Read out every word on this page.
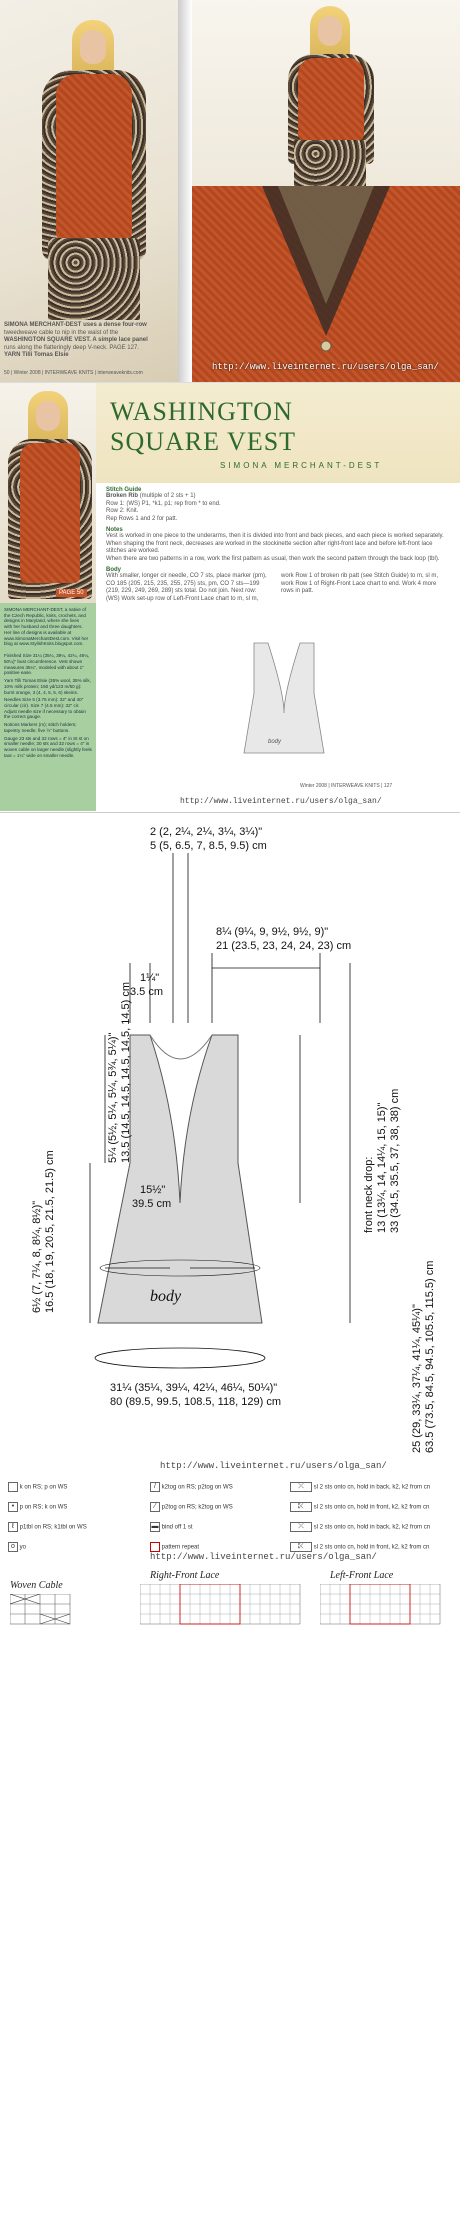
SIMONA MERCHANT-DEST uses a dense four-row
tweedweave cable to nip in the waist of the
WASHINGTON SQUARE VEST. A simple lace panel
runs along the flatteringly deep V-neck. PAGE 127.
YARN Tilli Tomas Elsie
50 | Winter 2008 | INTERWEAVE KNITS | interweaveknits.com
http://www.liveinternet.ru/users/olga_san/
PAGE 50
SIMONA MERCHANT-DEST, a native of
the Czech Republic, knits, crochets, and
designs in Maryland, where she lives
with her husband and three daughters.
Her line of designs is available at
www.SimonaMerchantDest.com. Visit her
blog at www.StylishKnits.blogspot.com.
Finished Size 31¼ (35¼, 39¼, 42¼, 46¼, 50¼)" bust circumference. Vest shown measures 35¼", modeled with about 1" positive ease.
Yarn Tilli Tomas Elsie (35% wool, 35% silk, 10% milk protein; 150 yd/123 m/50 g): burnt orange, 3 (4, 4, 5, 5, 6) skeins.
Needles Size 5 (3.75 mm): 32" and 40" circular (cir). Size 7 (4.5 mm): 32" cir. Adjust needle size if necessary to obtain the correct gauge.
Notions Markers (m); stitch holders; tapestry needle; five ½" buttons.
Gauge 23 sts and 32 rows = 4" in St st on smaller needle; 30 sts and 32 rows = 4" in woven cable on larger needle (slightly feels taut = 1¼" wide on smaller needle.
WASHINGTON
SQUARE VEST
SIMONA MERCHANT-DEST
Stitch Guide
Broken Rib (multiple of 2 sts + 1)
Row 1: (WS) P1, *k1, p1; rep from * to end.
Row 2: Knit.
Rep Rows 1 and 2 for patt.
Notes
Vest is worked in one piece to the underarms, then it is divided into front and back pieces, and each piece is worked separately.
When shaping the front neck, decreases are worked in the stockinette section after right-front lace and before left-front lace stitches are worked.
When there are two patterns in a row, work the first pattern as usual, then work the second pattern through the back loop (tbl).
Body
With smaller, longer cir needle, CO 7 sts, place marker (pm), CO 185 (205, 215, 235, 255, 275) sts, pm, CO 7 sts—199 (219, 229, 249, 269, 289) sts total. Do not join. Next row: (WS) Work set-up row of Left-Front Lace chart to m, sl m, work Row 1 of broken rib patt (see Stitch Guide) to m, sl m, work Row 1 of Right-Front Lace chart to end. Work 4 more rows in patt.
body
Winter 2008 | INTERWEAVE KNITS | 127
http://www.liveinternet.ru/users/olga_san/
2 (2, 2¼, 2¼, 3¼, 3¼)"
5 (5, 6.5, 7, 8.5, 9.5) cm
1¼"
3.5 cm
8¼ (9¼, 9, 9½, 9½, 9)"
21 (23.5, 23, 24, 24, 23) cm
15½"
39.5 cm
body
31¼ (35¼, 39¼, 42¼, 46¼, 50¼)"
80 (89.5, 99.5, 108.5, 118, 129) cm
5¼ (5½, 5¼, 5¼, 5¾, 5¼)" 13.5 (14.5, 14.5, 14.5, 14.5, 14.5) cm
6½ (7, 7¼, 8, 8¼, 8½)" 16.5 (18, 19, 20.5, 21.5, 21.5) cm	front neck drop: 13 (13¼, 14, 14¼, 15, 15)" 33 (34.5, 35.5, 37, 38, 38) cm
25 (29, 33¼, 37¼, 41¼, 45¼)" 63.5 (73.5, 84.5, 94.5, 105.5, 115.5) cm
http://www.liveinternet.ru/users/olga_san/
k on RS; p on WS
• p on RS; k on WS
ℓ p1tbl on RS; k1tbl on WS
o yo
/ k2tog on RS; p2tog on WS
⁄ p2tog on RS; k2tog on WS
▬ bind off 1 st
pattern repeat
⤫ sl 2 sts onto cn, hold in back, k2, k2 from cn
⤪ sl 2 sts onto cn, hold in front, k2, k2 from cn
⤫ sl 2 sts onto cn, hold in back, k2, k2 from cn
⤪ sl 2 sts onto cn, hold in front, k2, k2 from cn
http://www.liveinternet.ru/users/olga_san/
Woven Cable
Right-Front Lace	Left-Front Lace
